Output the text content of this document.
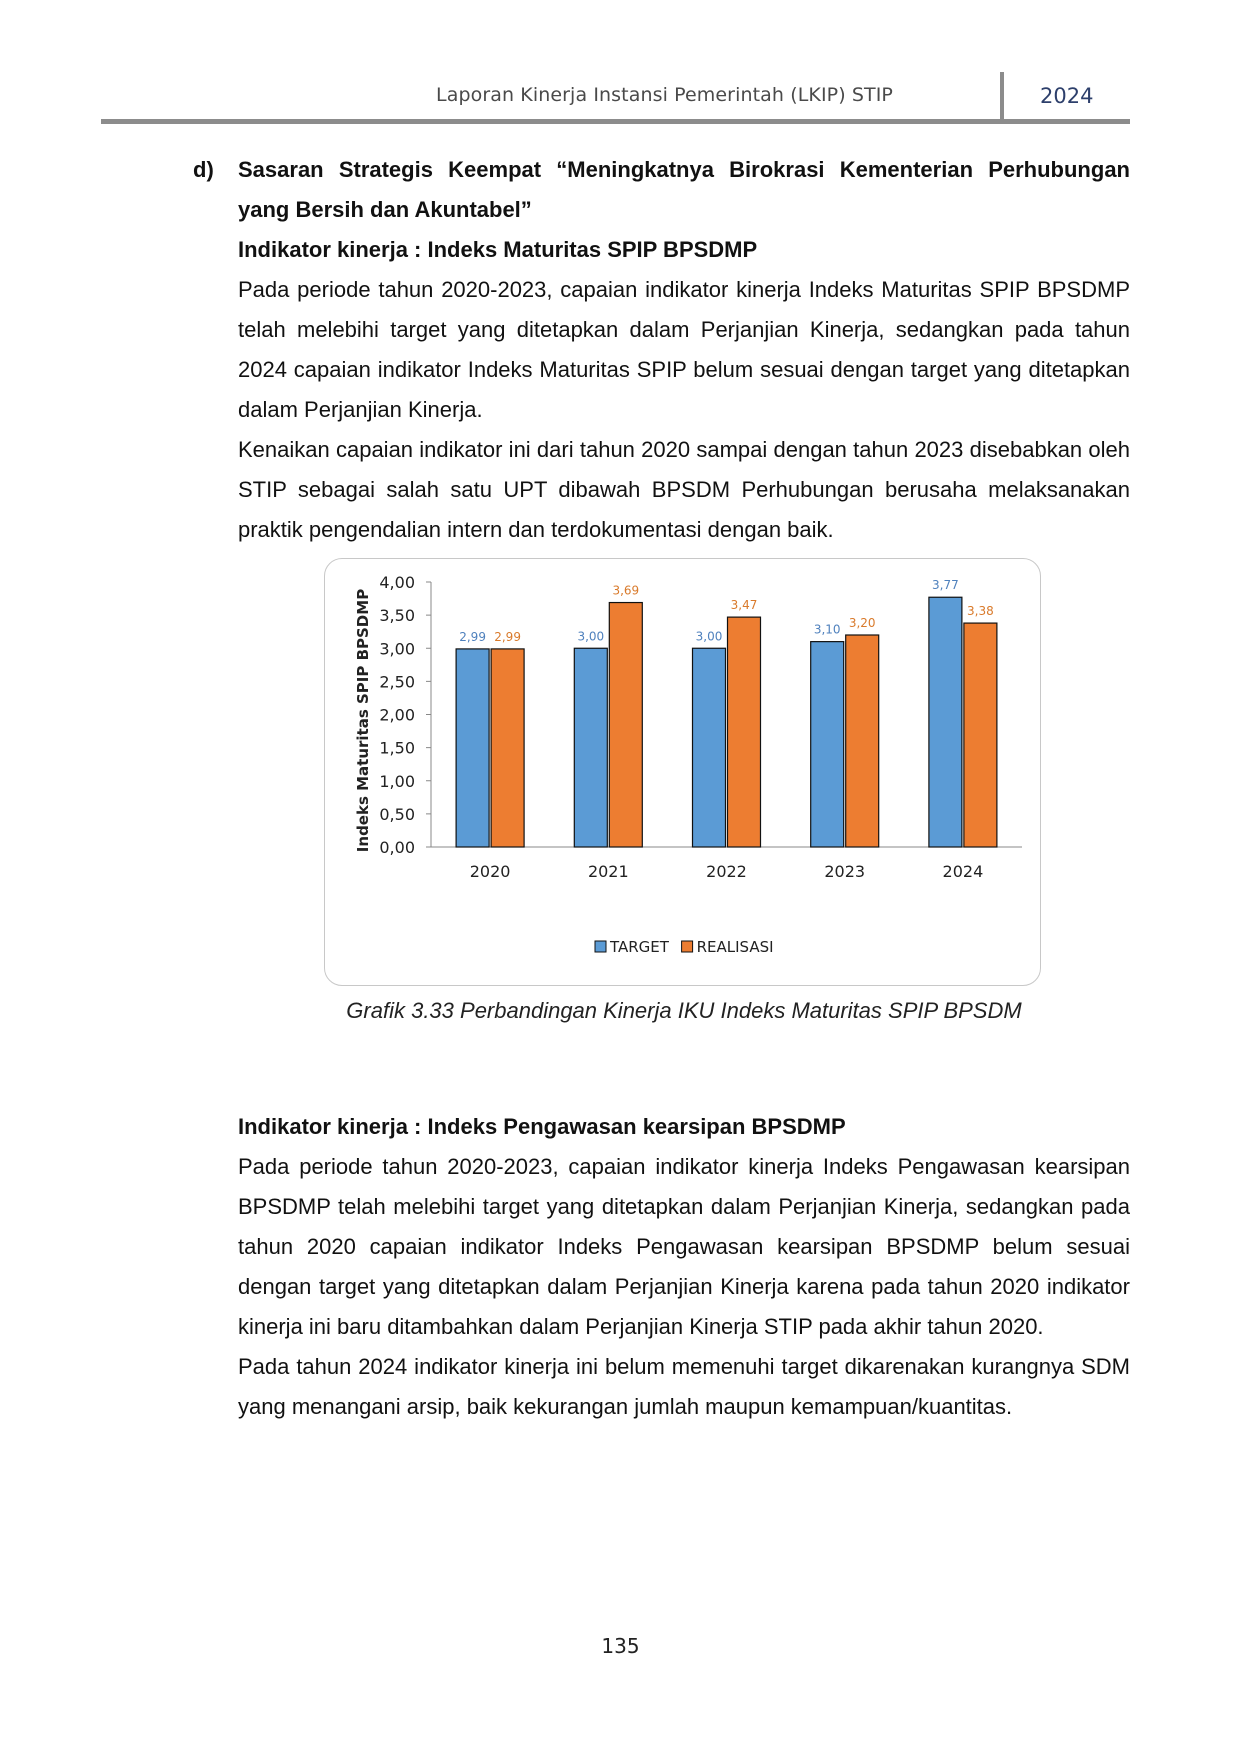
Laporan Kinerja Instansi Pemerintah (LKIP) STIP	2024
d) Sasaran Strategis Keempat “Meningkatnya Birokrasi Kementerian Perhubungan

yang Bersih dan Akuntabel”

Indikator kinerja : Indeks Maturitas SPIP BPSDMP

Pada periode tahun 2020-2023, capaian indikator kinerja Indeks Maturitas SPIP BPSDMP telah melebihi target yang ditetapkan dalam Perjanjian Kinerja, sedangkan pada tahun 2024 capaian indikator Indeks Maturitas SPIP belum sesuai dengan target yang ditetapkan dalam Perjanjian Kinerja.

Kenaikan capaian indikator ini dari tahun 2020 sampai dengan tahun 2023 disebabkan oleh STIP sebagai salah satu UPT dibawah BPSDM Perhubungan berusaha melaksanakan praktik pengendalian intern dan terdokumentasi dengan baik.

0,00
0,50
1,00
1,50
2,00
2,50
3,00
3,50
4,00
Indeks Maturitas SPIP BPSDMP	2,99 2,99
2020
3,00
3,69
2021
3,00
3,47
2022
3,10 3,20
2023
3,77
3,38
2024
TARGET REALISASI
Grafik 3.33 Perbandingan Kinerja IKU Indeks Maturitas SPIP BPSDM

Indikator kinerja : Indeks Pengawasan kearsipan BPSDMP

Pada periode tahun 2020-2023, capaian indikator kinerja Indeks Pengawasan kearsipan BPSDMP telah melebihi target yang ditetapkan dalam Perjanjian Kinerja, sedangkan pada tahun 2020 capaian indikator Indeks Pengawasan kearsipan BPSDMP belum sesuai dengan target yang ditetapkan dalam Perjanjian Kinerja karena pada tahun 2020 indikator kinerja ini baru ditambahkan dalam Perjanjian Kinerja STIP pada akhir tahun 2020.

Pada tahun 2024 indikator kinerja ini belum memenuhi target dikarenakan kurangnya SDM yang menangani arsip, baik kekurangan jumlah maupun kemampuan/kuantitas.

135
